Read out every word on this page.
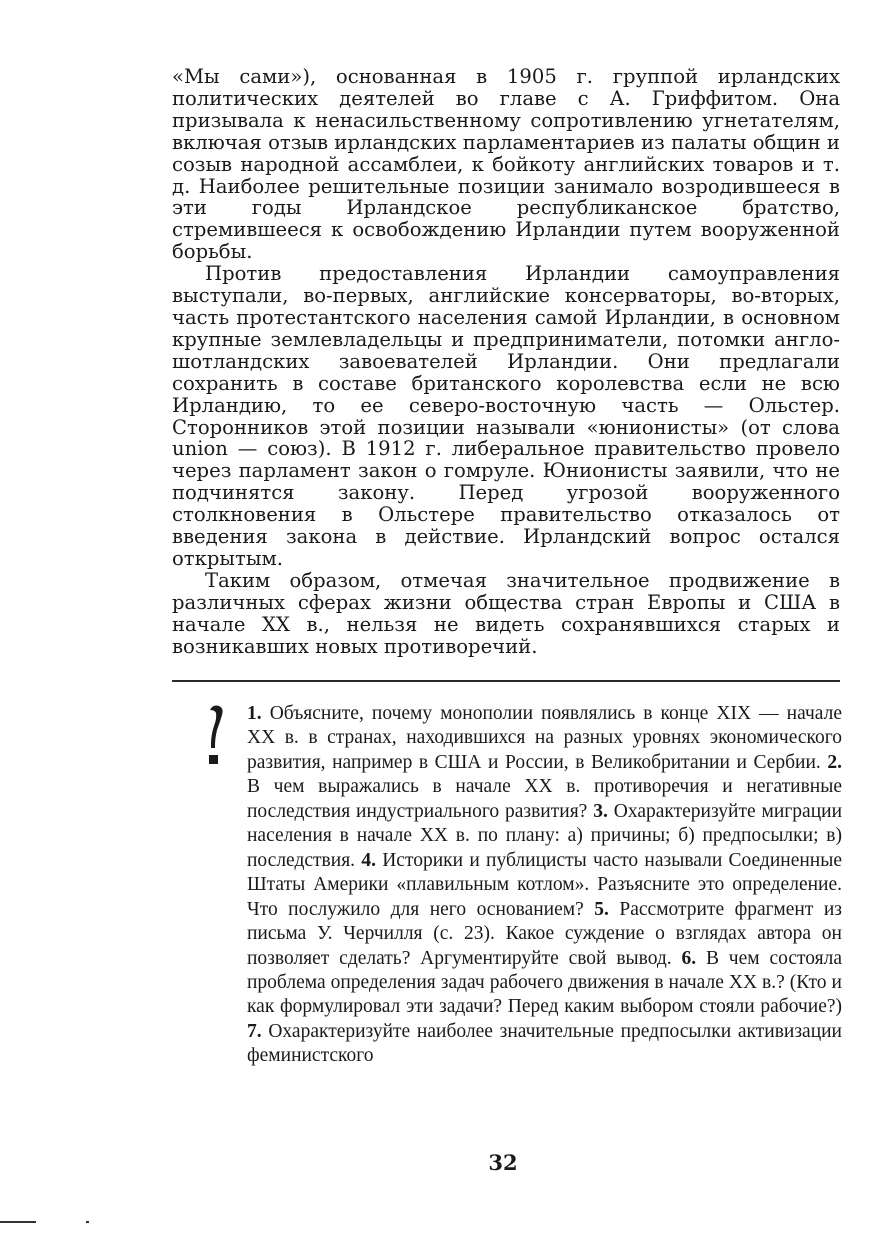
«Мы сами»), основанная в 1905 г. группой ирландских политических деятелей во главе с А. Гриффитом. Она призывала к ненасильственному сопротивлению угнетателям, включая отзыв ирландских парламентариев из палаты общин и созыв народной ассамблеи, к бойкоту английских товаров и т. д. Наиболее решительные позиции занимало возродившееся в эти годы Ирландское республиканское братство, стремившееся к освобождению Ирландии путем вооруженной борьбы.

Против предоставления Ирландии самоуправления выступали, во-первых, английские консерваторы, во-вторых, часть протестантского населения самой Ирландии, в основном крупные землевладельцы и предприниматели, потомки англо-шотландских завоевателей Ирландии. Они предлагали сохранить в составе британского королевства если не всю Ирландию, то ее северо-восточную часть — Ольстер. Сторонников этой позиции называли «юнионисты» (от слова union — союз). В 1912 г. либеральное правительство провело через парламент закон о гомруле. Юнионисты заявили, что не подчинятся закону. Перед угрозой вооруженного столкновения в Ольстере правительство отказалось от введения закона в действие. Ирландский вопрос остался открытым.

Таким образом, отмечая значительное продвижение в различных сферах жизни общества стран Европы и США в начале XX в., нельзя не видеть сохранявшихся старых и возникавших новых противоречий.

1. Объясните, почему монополии появлялись в конце XIX — начале XX в. в странах, находившихся на разных уровнях экономического развития, например в США и России, в Великобритании и Сербии. 2. В чем выражались в начале XX в. противоречия и негативные последствия индустриального развития? 3. Охарактеризуйте миграции населения в начале XX в. по плану: а) причины; б) предпосылки; в) последствия. 4. Историки и публицисты часто называли Соединенные Штаты Америки «плавильным котлом». Разъясните это определение. Что послужило для него основанием? 5. Рассмотрите фрагмент из письма У. Черчилля (с. 23). Какое суждение о взглядах автора он позволяет сделать? Аргументируйте свой вывод. 6. В чем состояла проблема определения задач рабочего движения в начале XX в.? (Кто и как формулировал эти задачи? Перед каким выбором стояли рабочие?) 7. Охарактеризуйте наиболее значительные предпосылки активизации феминистского

32
